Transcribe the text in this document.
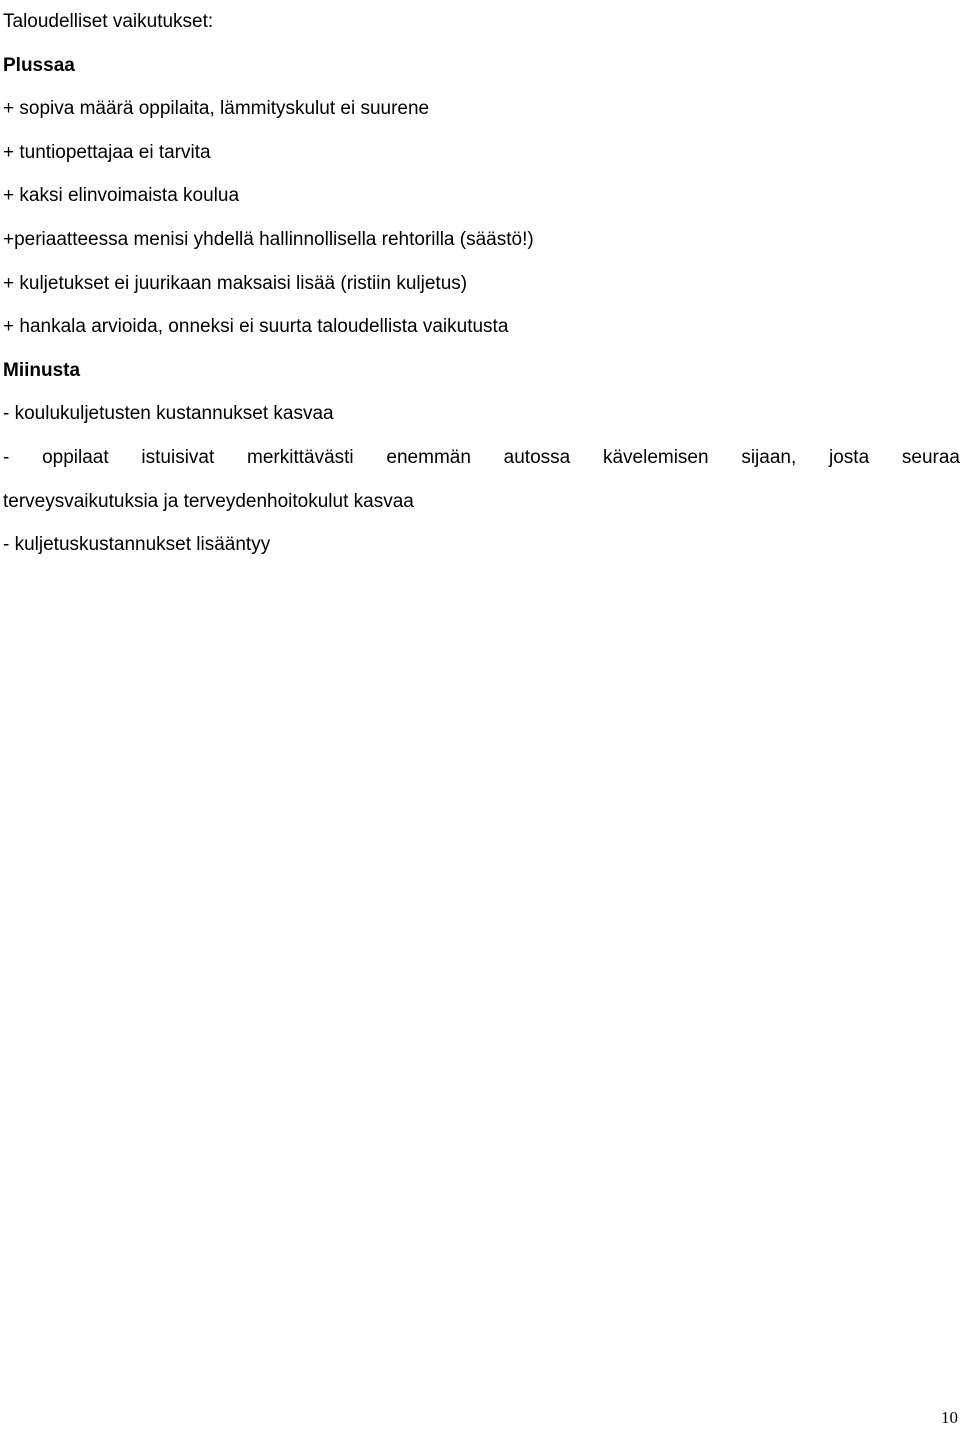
Taloudelliset vaikutukset:

Plussaa

+ sopiva määrä oppilaita, lämmityskulut ei suurene

+ tuntiopettajaa ei tarvita

+ kaksi elinvoimaista koulua

+periaatteessa menisi yhdellä hallinnollisella rehtorilla (säästö!)

+ kuljetukset ei juurikaan maksaisi lisää (ristiin kuljetus)

+ hankala arvioida, onneksi ei suurta taloudellista vaikutusta

Miinusta

- koulukuljetusten kustannukset kasvaa

- oppilaat istuisivat merkittävästi enemmän autossa kävelemisen sijaan, josta seuraa

terveysvaikutuksia ja terveydenhoitokulut kasvaa

- kuljetuskustannukset lisääntyy

10
